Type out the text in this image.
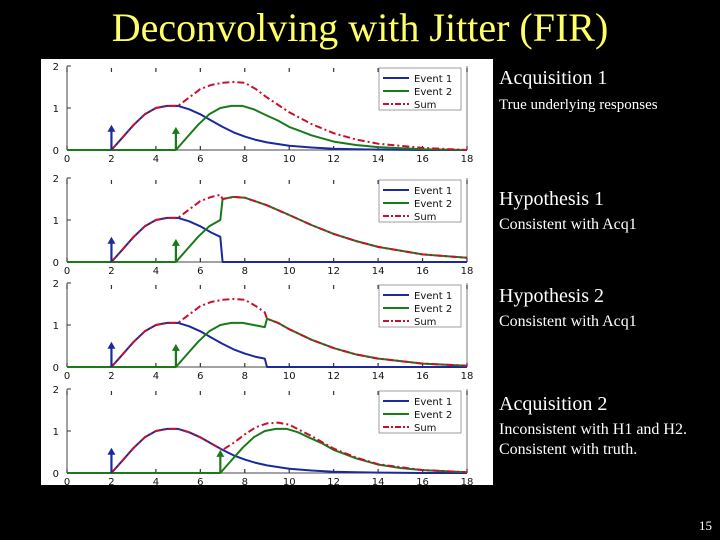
Deconvolving with Jitter (FIR)
0	2	4	6	8	10	12	14	16	18
0
1
2
Event 1
Event 2
Sum
0	2	4	6	8	10	12	14	16	18
0
1
2
Event 1
Event 2
Sum
0	2	4	6	8	10	12	14	16	18
0
1
2
Event 1
Event 2
Sum
0	2	4	6	8	10	12	14	16	18
0
1
2
Event 1
Event 2
Sum
Acquisition 1
True underlying responses
Hypothesis 1
Consistent with Acq1
Hypothesis 2
Consistent with Acq1
Acquisition 2
Inconsistent with H1 and H2. Consistent with truth.
15
